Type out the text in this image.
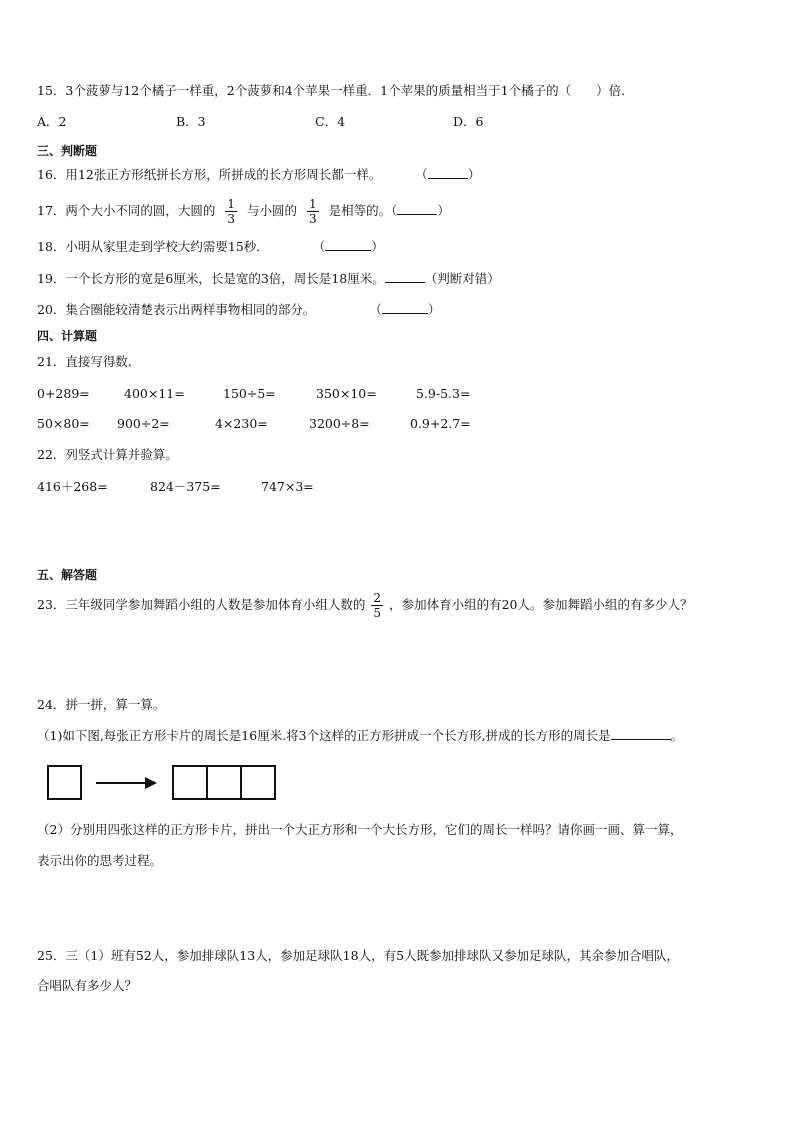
15．3个菠萝与12个橘子一样重，2个菠萝和4个苹果一样重．1个苹果的质量相当于1个橘子的（　　）倍．
A．2	B．3	C．4	D．6
三、判断题
16．用12张正方形纸拼长方形，所拼成的长方形周长都一样。	（	）
17．两个大小不同的圆，大圆的 $\frac{1}{3}$ 与小圆的 $\frac{1}{3}$ 是相等的。（	）
18．小明从家里走到学校大约需要15秒．	（	）
19．一个长方形的宽是6厘米，长是宽的3倍，周长是18厘米。	（判断对错）
20．集合圈能较清楚表示出两样事物相同的部分。	（	）
四、计算题
21．直接写得数．
0+289=	400×11=	150÷5=	350×10=	5.9-5.3=
50×80= 900÷2=	4×230=	3200÷8=	0.9+2.7=
22．列竖式计算并验算。
416＋268=	824－375=	747×3=
五、解答题
23．三年级同学参加舞蹈小组的人数是参加体育小组人数的 $\frac{2}{5}$ ，参加体育小组的有20人。参加舞蹈小组的有多少人？
24．拼一拼，算一算。
（1)如下图,每张正方形卡片的周长是16厘米.将3个这样的正方形拼成一个长方形,拼成的长方形的周长是	。
（2）分别用四张这样的正方形卡片，拼出一个大正方形和一个大长方形，它们的周长一样吗？请你画一画、算一算，
表示出你的思考过程。
25．三（1）班有52人，参加排球队13人，参加足球队18人，有5人既参加排球队又参加足球队，其余参加合唱队，
合唱队有多少人？
